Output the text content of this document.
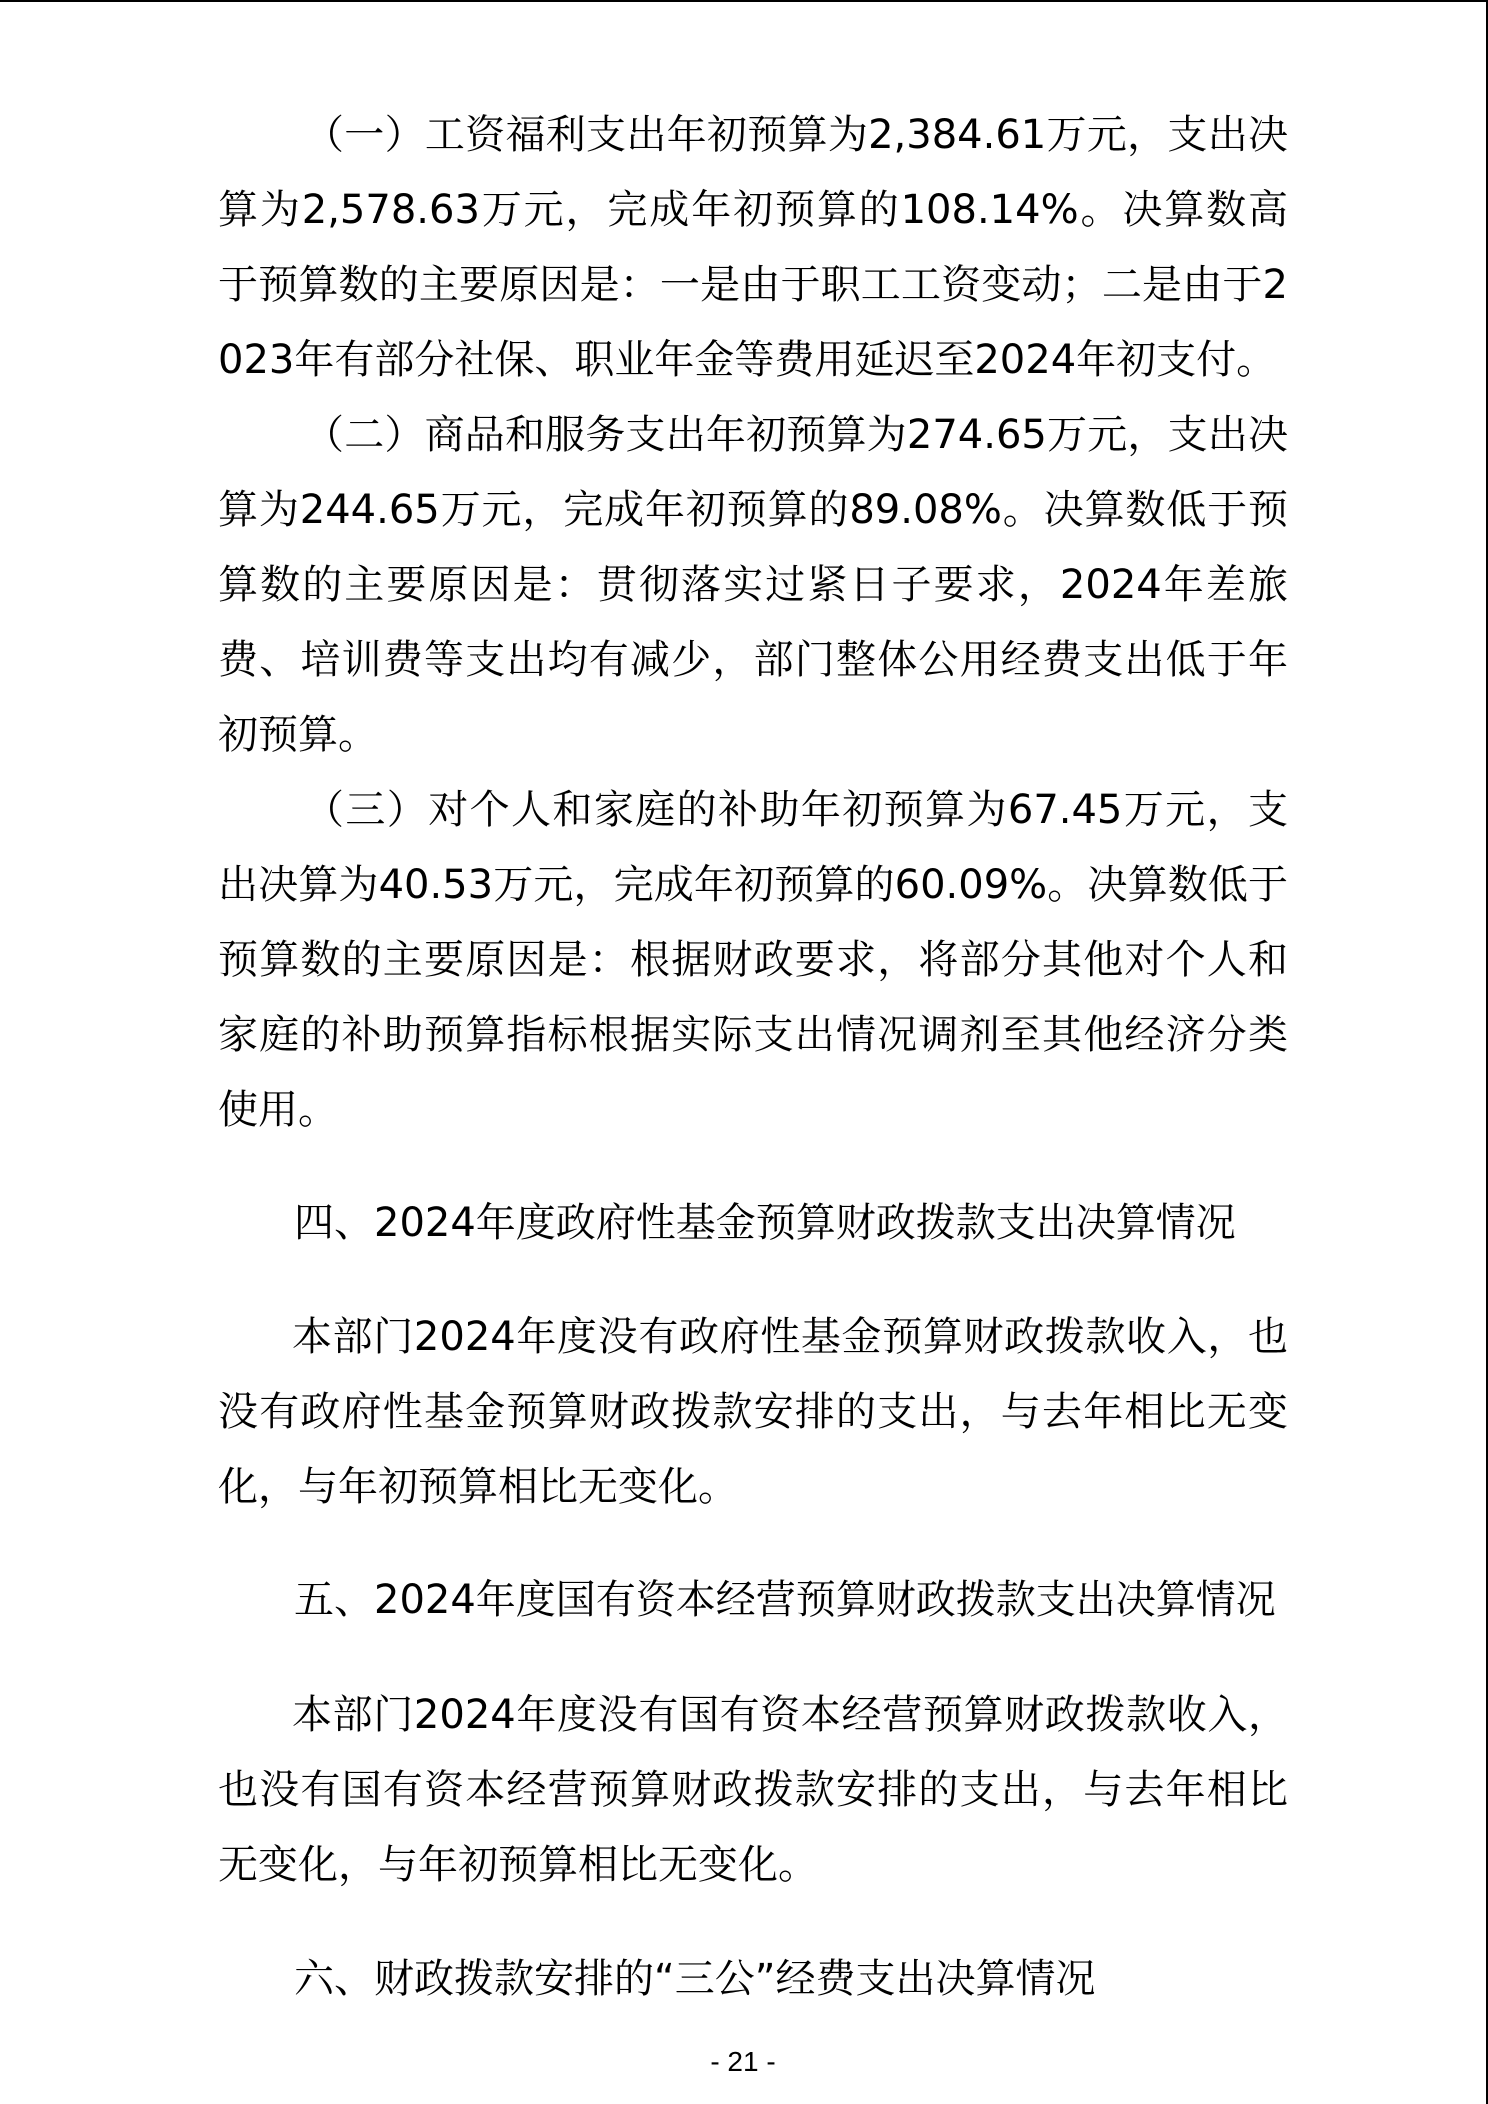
（一）工资福利支出年初预算为2,384.61万元，支出决算为2,578.63万元，完成年初预算的108.14%。决算数高于预算数的主要原因是：一是由于职工工资变动；二是由于2023年有部分社保、职业年金等费用延迟至2024年初支付。

（二）商品和服务支出年初预算为274.65万元，支出决算为244.65万元，完成年初预算的89.08%。决算数低于预算数的主要原因是：贯彻落实过紧日子要求，2024年差旅费、培训费等支出均有减少，部门整体公用经费支出低于年初预算。

（三）对个人和家庭的补助年初预算为67.45万元，支出决算为40.53万元，完成年初预算的60.09%。决算数低于预算数的主要原因是：根据财政要求，将部分其他对个人和家庭的补助预算指标根据实际支出情况调剂至其他经济分类使用。

四、2024年度政府性基金预算财政拨款支出决算情况

本部门2024年度没有政府性基金预算财政拨款收入，也没有政府性基金预算财政拨款安排的支出，与去年相比无变化，与年初预算相比无变化。

五、2024年度国有资本经营预算财政拨款支出决算情况

本部门2024年度没有国有资本经营预算财政拨款收入，也没有国有资本经营预算财政拨款安排的支出，与去年相比无变化，与年初预算相比无变化。

六、财政拨款安排的“三公”经费支出决算情况

- 21 -
